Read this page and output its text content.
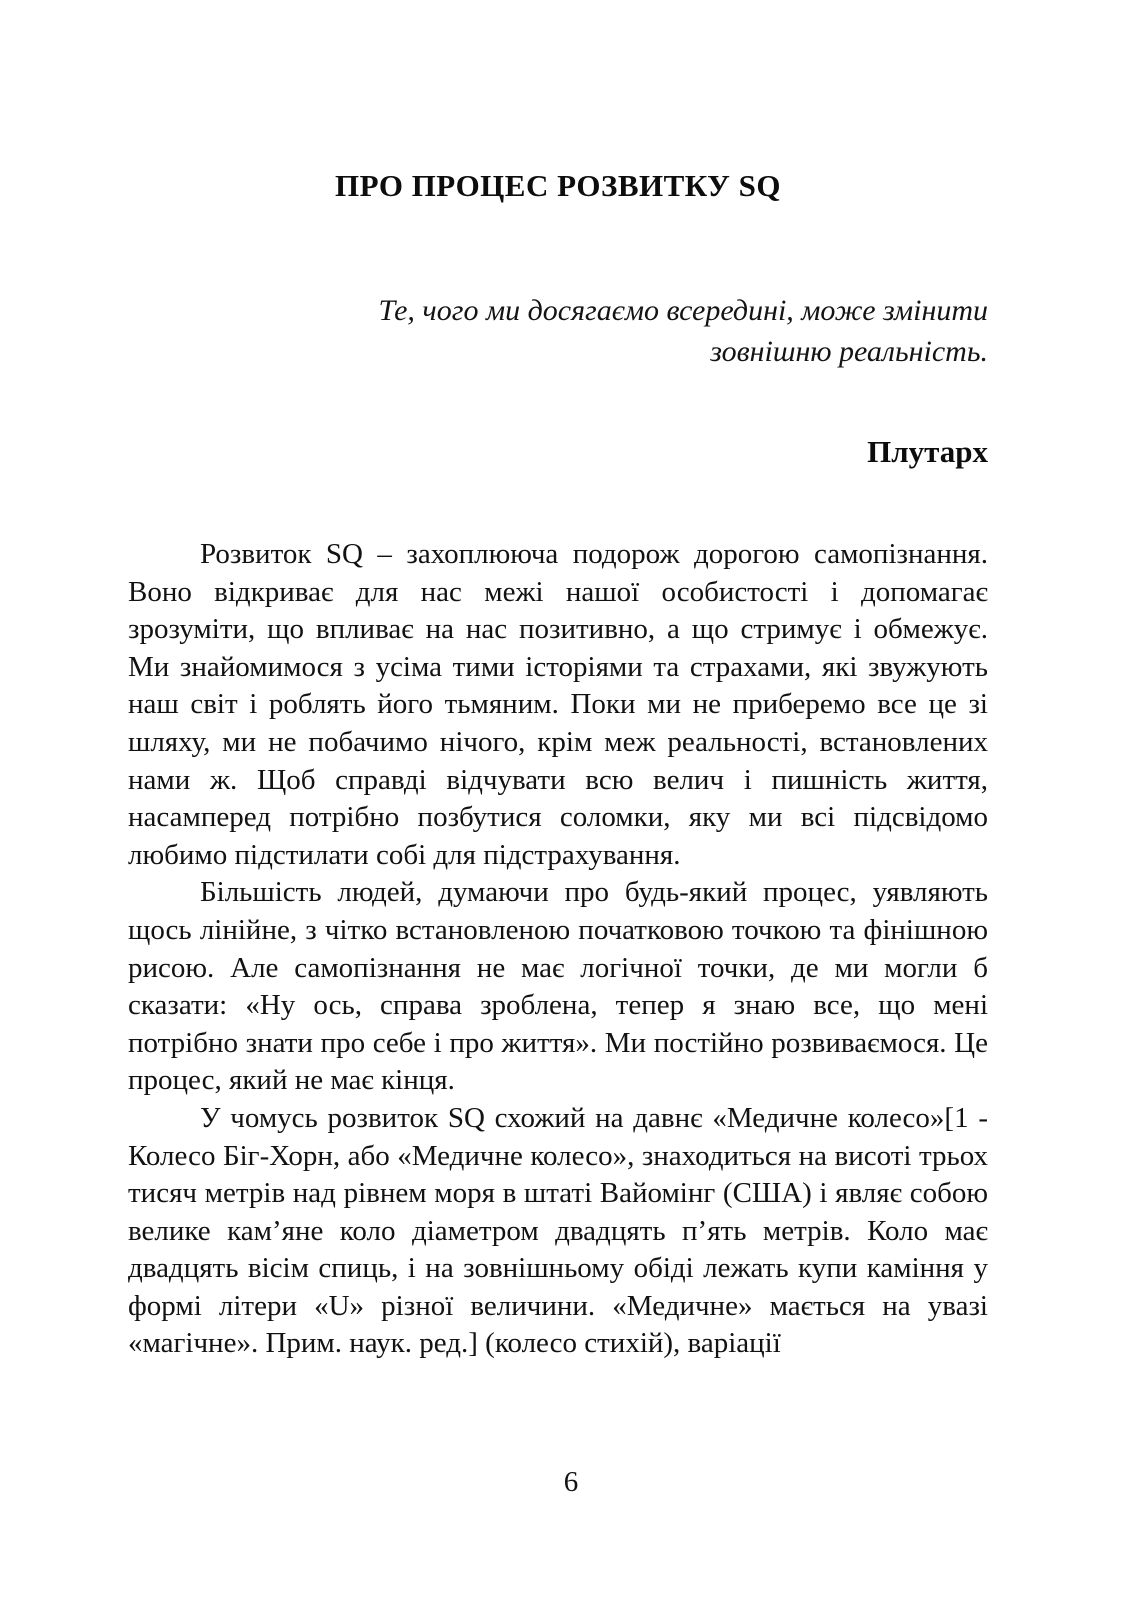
ПРО ПРОЦЕС РОЗВИТКУ SQ
Те, чого ми досягаємо всередині, може змінити зовнішню реальність.
Плутарх

Розвиток SQ – захоплююча подорож дорогою самопізнання. Воно відкриває для нас межі нашої особистості і допомагає зрозуміти, що впливає на нас позитивно, а що стримує і обмежує. Ми знайомимося з усіма тими історіями та страхами, які звужують наш світ і роблять його тьмяним. Поки ми не приберемо все це зі шляху, ми не побачимо нічого, крім меж реальності, встановлених нами ж. Щоб справді відчувати всю велич і пишність життя, насамперед потрібно позбутися соломки, яку ми всі підсвідомо любимо підстилати собі для підстрахування.

Більшість людей, думаючи про будь-який процес, уявляють щось лінійне, з чітко встановленою початковою точкою та фінішною рисою. Але самопізнання не має логічної точки, де ми могли б сказати: «Ну ось, справа зроблена, тепер я знаю все, що мені потрібно знати про себе і про життя». Ми постійно розвиваємося. Це процес, який не має кінця.

У чомусь розвиток SQ схожий на давнє «Медичне колесо»[1 - Колесо Біг-Хорн, або «Медичне колесо», знаходиться на висоті трьох тисяч метрів над рівнем моря в штаті Вайомінг (США) і являє собою велике кам’яне коло діаметром двадцять п’ять метрів. Коло має двадцять вісім спиць, і на зовнішньому обіді лежать купи каміння у формі літери «U» різної величини. «Медичне» мається на увазі «магічне». Прим. наук. ред.] (колесо стихій), варіації

6
